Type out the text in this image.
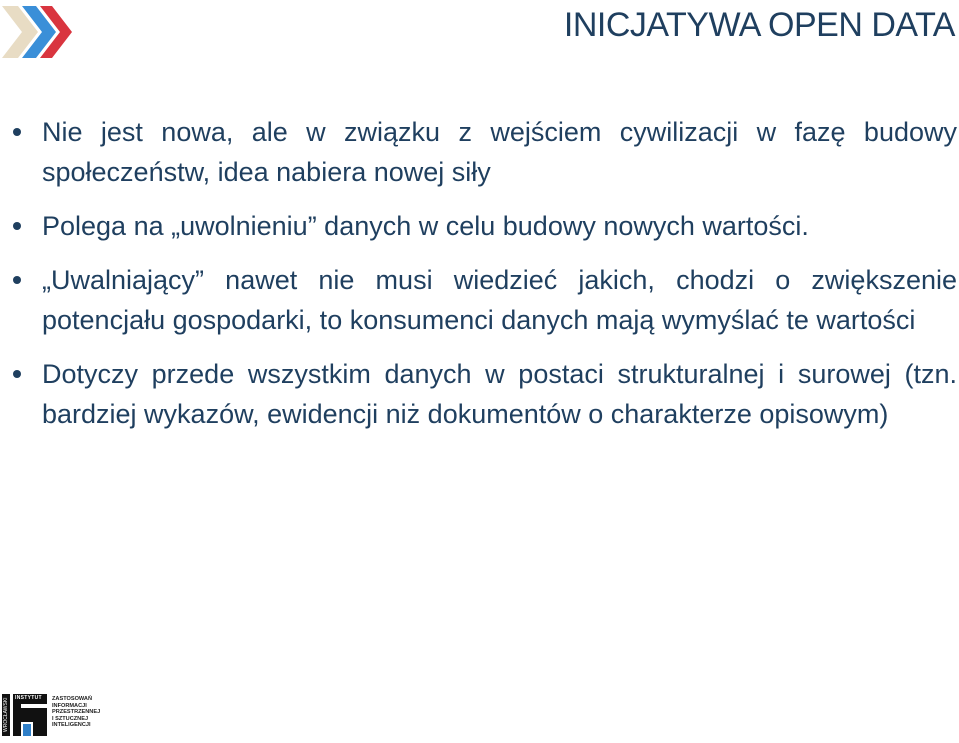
INICJATYWA OPEN DATA
Nie jest nowa, ale w związku z wejściem cywilizacji w fazę budowy społeczeństw, idea nabiera nowej siły
Polega na „uwolnieniu” danych w celu budowy nowych wartości.
„Uwalniający” nawet nie musi wiedzieć jakich, chodzi o zwiększenie potencjału gospodarki, to konsumenci danych mają wymyślać te wartości
Dotyczy przede wszystkim danych w postaci strukturalnej i surowej (tzn. bardziej wykazów, ewidencji niż dokumentów o charakterze opisowym)
WROCŁAWSKI INSTYTUT ZASTOSOWAŃ
INFORMACJI
PRZESTRZENNEJ
I SZTUCZNEJ
INTELIGENCJI
